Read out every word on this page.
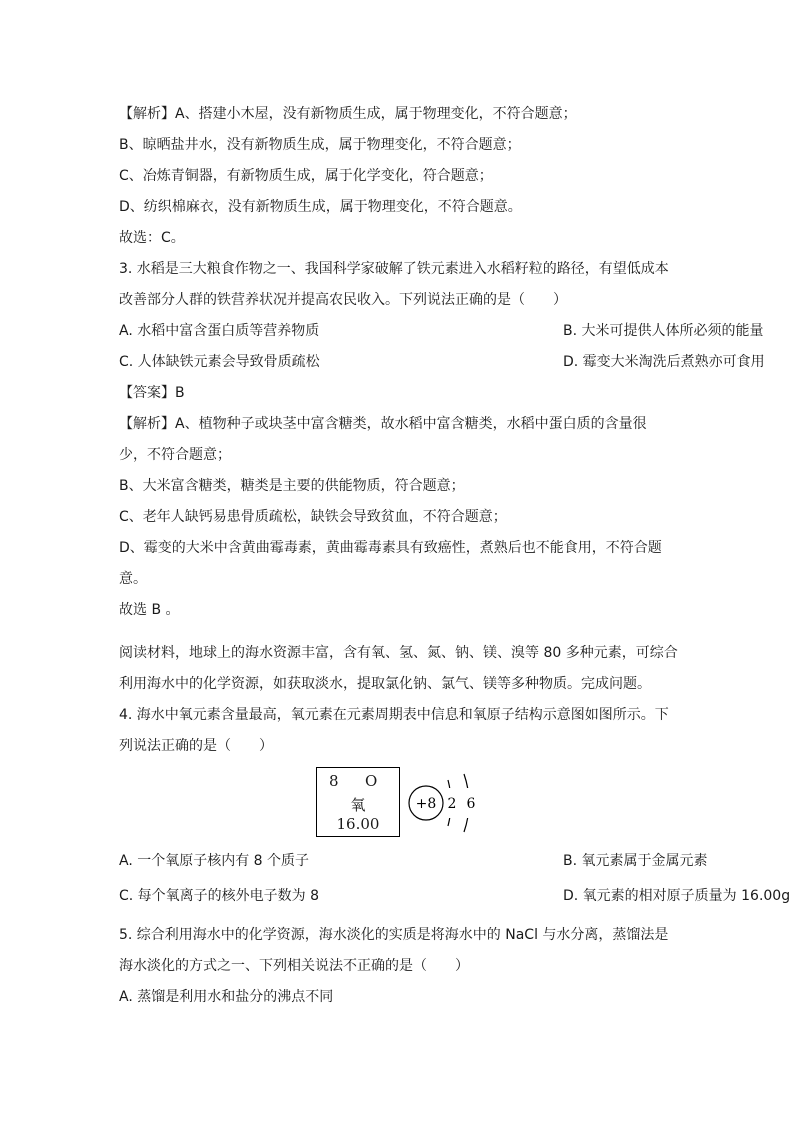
【解析】A、搭建小木屋，没有新物质生成，属于物理变化，不符合题意；
B、晾晒盐井水，没有新物质生成，属于物理变化，不符合题意；
C、冶炼青铜器，有新物质生成，属于化学变化，符合题意；
D、纺织棉麻衣，没有新物质生成，属于物理变化，不符合题意。
故选：C。
3. 水稻是三大粮食作物之一、我国科学家破解了铁元素进入水稻籽粒的路径，有望低成本
改善部分人群的铁营养状况并提高农民收入。下列说法正确的是（　　）
A. 水稻中富含蛋白质等营养物质	B. 大米可提供人体所必须的能量
C. 人体缺铁元素会导致骨质疏松	D. 霉变大米淘洗后煮熟亦可食用
【答案】B
【解析】A、植物种子或块茎中富含糖类，故水稻中富含糖类，水稻中蛋白质的含量很
少，不符合题意；
B、大米富含糖类，糖类是主要的供能物质，符合题意；
C、老年人缺钙易患骨质疏松，缺铁会导致贫血，不符合题意；
D、霉变的大米中含黄曲霉毒素，黄曲霉毒素具有致癌性，煮熟后也不能食用，不符合题
意。
故选 B 。
阅读材料，地球上的海水资源丰富，含有氧、氢、氮、钠、镁、溴等 80 多种元素，可综合
利用海水中的化学资源，如获取淡水，提取氯化钠、氯气、镁等多种物质。完成问题。
4. 海水中氧元素含量最高，氧元素在元素周期表中信息和氧原子结构示意图如图所示。下
列说法正确的是（　　）
8 O
氧
16.00
+8 2 6
A. 一个氧原子核内有 8 个质子	B. 氧元素属于金属元素
C. 每个氧离子的核外电子数为 8	D. 氧元素的相对原子质量为 16.00g
5. 综合利用海水中的化学资源，海水淡化的实质是将海水中的 NaCl 与水分离，蒸馏法是
海水淡化的方式之一、下列相关说法不正确的是（　　）
A. 蒸馏是利用水和盐分的沸点不同
